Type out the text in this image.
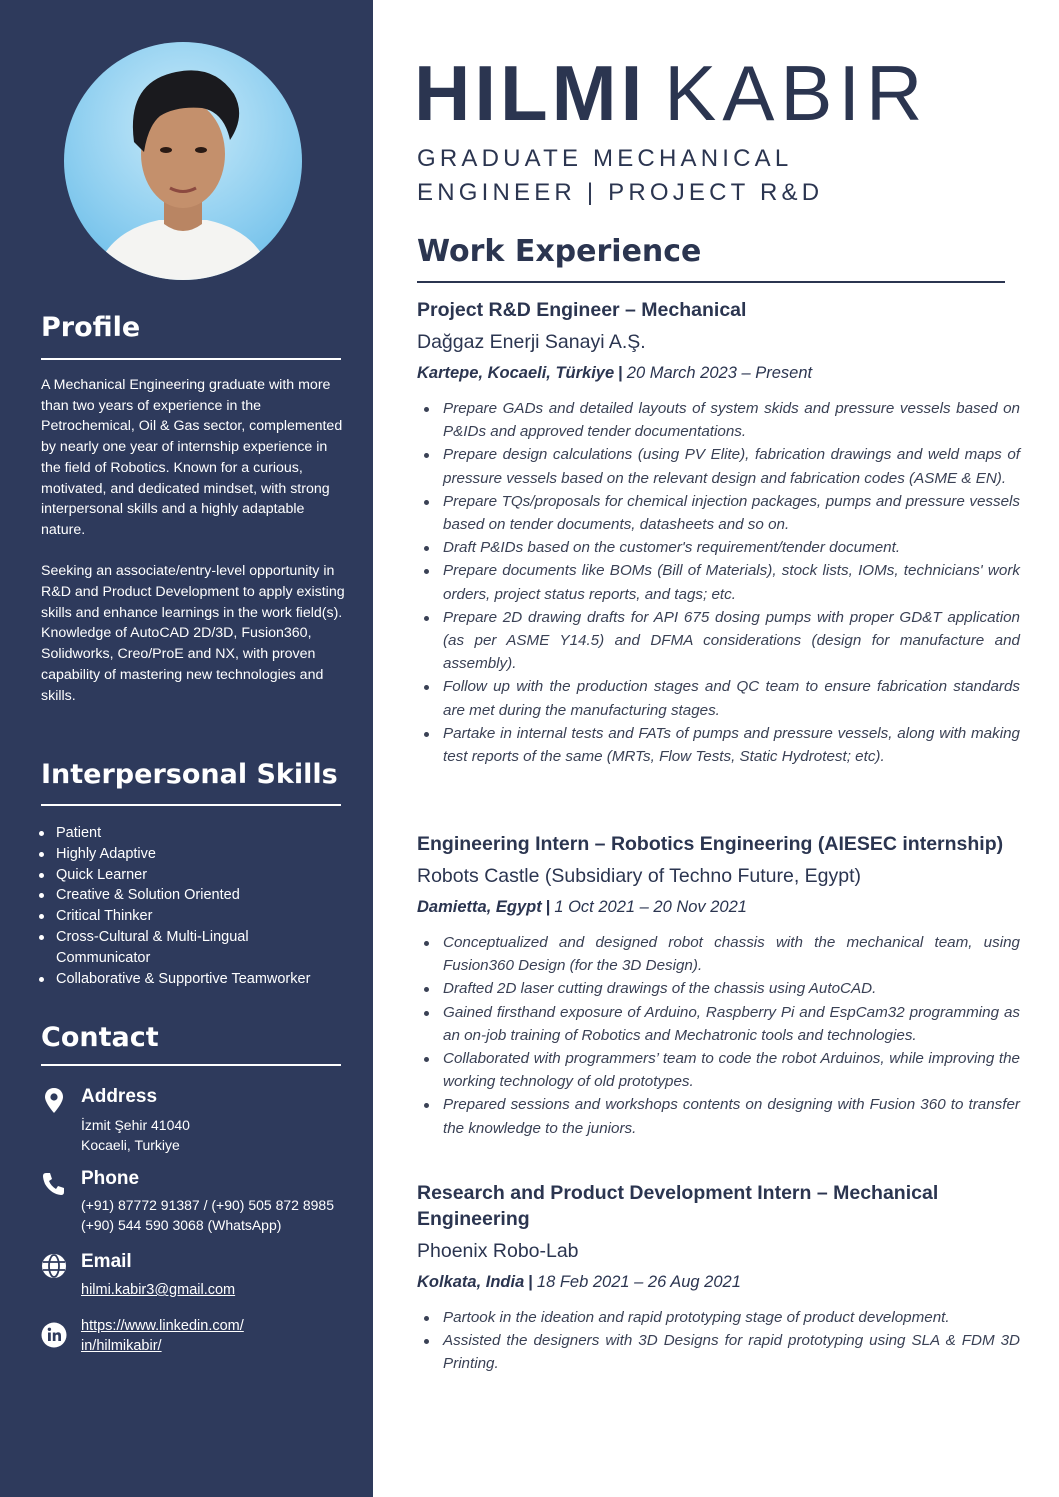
Profile

A Mechanical Engineering graduate with more than two years of experience in the Petrochemical, Oil & Gas sector, complemented by nearly one year of internship experience in the field of Robotics. Known for a curious, motivated, and dedicated mindset, with strong interpersonal skills and a highly adaptable nature.

Seeking an associate/entry-level opportunity in R&D and Product Development to apply existing skills and enhance learnings in the work field(s). Knowledge of AutoCAD 2D/3D, Fusion360, Solidworks, Creo/ProE and NX, with proven capability of mastering new technologies and skills.

Interpersonal Skills
Patient
Highly Adaptive
Quick Learner
Creative & Solution Oriented
Critical Thinker
Cross-Cultural & Multi-Lingual Communicator
Collaborative & Supportive Teamworker
Contact
Address
İzmit Şehir 41040
Kocaeli, Turkiye
Phone
(+91) 87772 91387 / (+90) 505 872 8985
(+90) 544 590 3068 (WhatsApp)
Email
hilmi.kabir3@gmail.com
https://www.linkedin.com/
in/hilmikabir/
HILMI KABIR
GRADUATE MECHANICAL
ENGINEER | PROJECT R&D
Work Experience
Project R&D Engineer – Mechanical
Dağgaz Enerji Sanayi A.Ş.
Kartepe, Kocaeli, Türkiye | 20 March 2023 – Present
Prepare GADs and detailed layouts of system skids and pressure vessels based on P&IDs and approved tender documentations.
Prepare design calculations (using PV Elite), fabrication drawings and weld maps of pressure vessels based on the relevant design and fabrication codes (ASME & EN).
Prepare TQs/proposals for chemical injection packages, pumps and pressure vessels based on tender documents, datasheets and so on.
Draft P&IDs based on the customer's requirement/tender document.
Prepare documents like BOMs (Bill of Materials), stock lists, IOMs, technicians' work orders, project status reports, and tags; etc.
Prepare 2D drawing drafts for API 675 dosing pumps with proper GD&T application (as per ASME Y14.5) and DFMA considerations (design for manufacture and assembly).
Follow up with the production stages and QC team to ensure fabrication standards are met during the manufacturing stages.
Partake in internal tests and FATs of pumps and pressure vessels, along with making test reports of the same (MRTs, Flow Tests, Static Hydrotest; etc).
Engineering Intern – Robotics Engineering (AIESEC internship)
Robots Castle (Subsidiary of Techno Future, Egypt)
Damietta, Egypt | 1 Oct 2021 – 20 Nov 2021
Conceptualized and designed robot chassis with the mechanical team, using Fusion360 Design (for the 3D Design).
Drafted 2D laser cutting drawings of the chassis using AutoCAD.
Gained firsthand exposure of Arduino, Raspberry Pi and EspCam32 programming as an on-job training of Robotics and Mechatronic tools and technologies.
Collaborated with programmers’ team to code the robot Arduinos, while improving the working technology of old prototypes.
Prepared sessions and workshops contents on designing with Fusion 360 to transfer the knowledge to the juniors.
Research and Product Development Intern – Mechanical Engineering
Phoenix Robo-Lab
Kolkata, India | 18 Feb 2021 – 26 Aug 2021
Partook in the ideation and rapid prototyping stage of product development.
Assisted the designers with 3D Designs for rapid prototyping using SLA & FDM 3D Printing.
